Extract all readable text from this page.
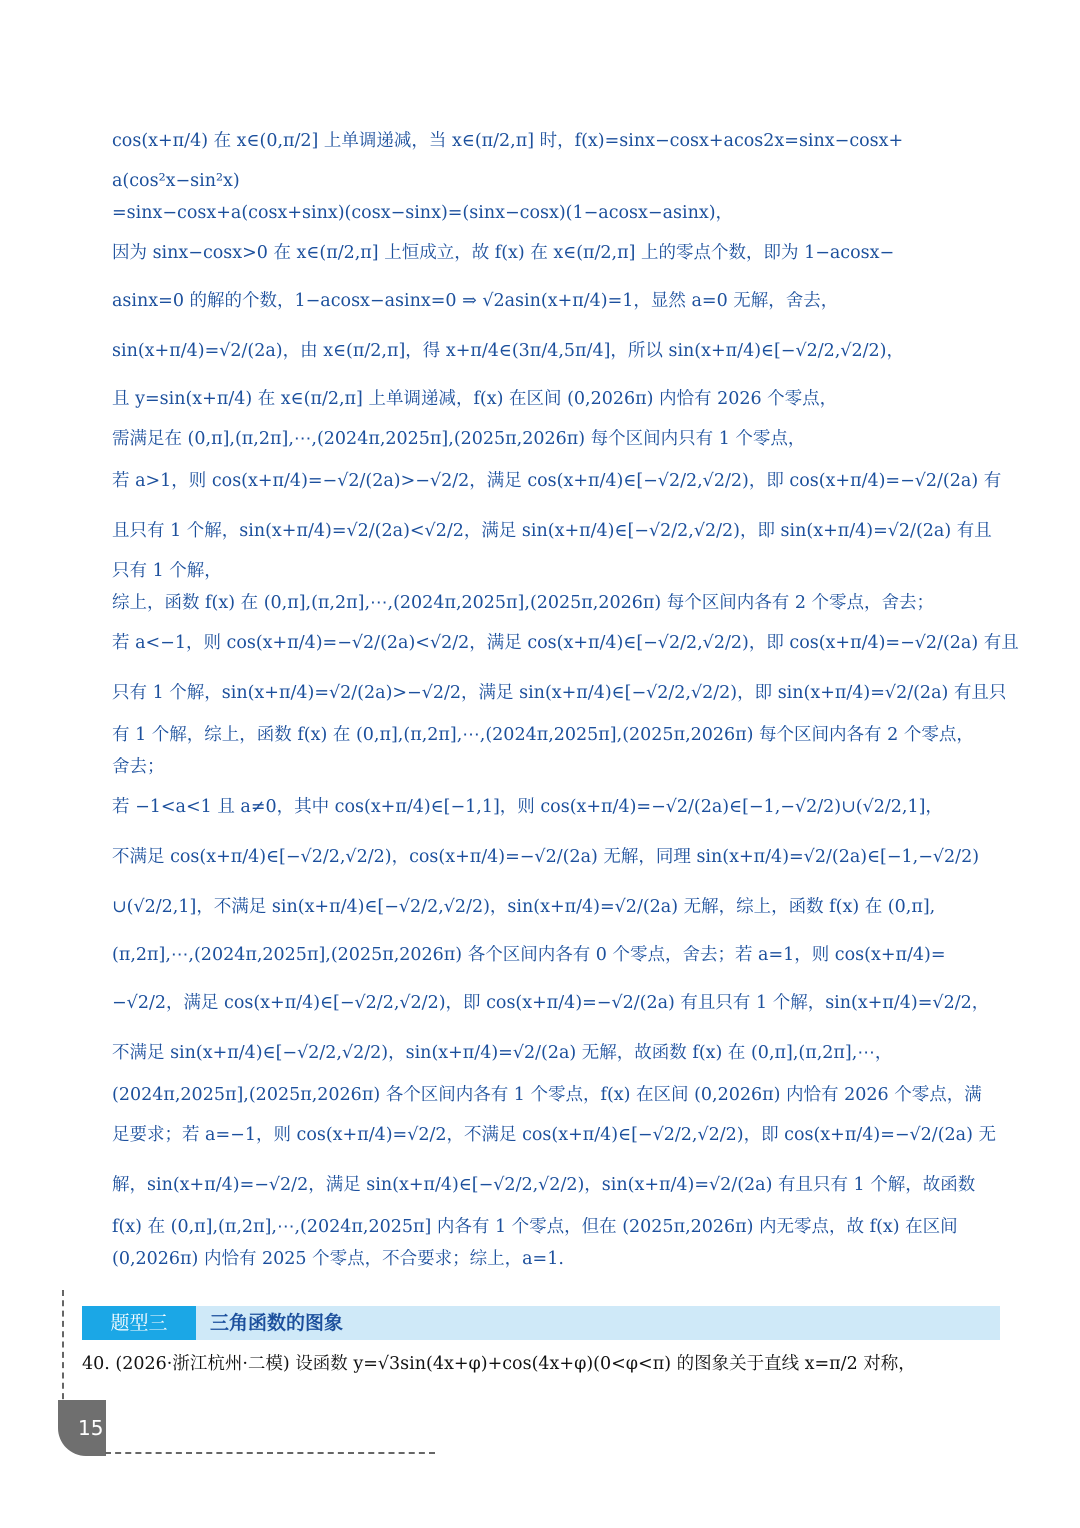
cos(x+π/4) 在 x∈(0,π/2] 上单调递减，当 x∈(π/2,π] 时，f(x)=sinx−cosx+acos2x=sinx−cosx+
a(cos²x−sin²x)
=sinx−cosx+a(cosx+sinx)(cosx−sinx)=(sinx−cosx)(1−acosx−asinx)，
因为 sinx−cosx>0 在 x∈(π/2,π] 上恒成立，故 f(x) 在 x∈(π/2,π] 上的零点个数，即为 1−acosx−
asinx=0 的解的个数，1−acosx−asinx=0 ⇒ √2asin(x+π/4)=1，显然 a=0 无解，舍去，
sin(x+π/4)=√2/(2a)，由 x∈(π/2,π]，得 x+π/4∈(3π/4,5π/4]，所以 sin(x+π/4)∈[−√2/2,√2/2)，
且 y=sin(x+π/4) 在 x∈(π/2,π] 上单调递减，f(x) 在区间 (0,2026π) 内恰有 2026 个零点，
需满足在 (0,π],(π,2π],⋯,(2024π,2025π],(2025π,2026π) 每个区间内只有 1 个零点，
若 a>1，则 cos(x+π/4)=−√2/(2a)>−√2/2，满足 cos(x+π/4)∈[−√2/2,√2/2)，即 cos(x+π/4)=−√2/(2a) 有
且只有 1 个解，sin(x+π/4)=√2/(2a)<√2/2，满足 sin(x+π/4)∈[−√2/2,√2/2)，即 sin(x+π/4)=√2/(2a) 有且
只有 1 个解，
综上，函数 f(x) 在 (0,π],(π,2π],⋯,(2024π,2025π],(2025π,2026π) 每个区间内各有 2 个零点，舍去；
若 a<−1，则 cos(x+π/4)=−√2/(2a)<√2/2，满足 cos(x+π/4)∈[−√2/2,√2/2)，即 cos(x+π/4)=−√2/(2a) 有且
只有 1 个解，sin(x+π/4)=√2/(2a)>−√2/2，满足 sin(x+π/4)∈[−√2/2,√2/2)，即 sin(x+π/4)=√2/(2a) 有且只
有 1 个解，综上，函数 f(x) 在 (0,π],(π,2π],⋯,(2024π,2025π],(2025π,2026π) 每个区间内各有 2 个零点，
舍去；
若 −1<a<1 且 a≠0，其中 cos(x+π/4)∈[−1,1]，则 cos(x+π/4)=−√2/(2a)∈[−1,−√2/2)∪(√2/2,1]，
不满足 cos(x+π/4)∈[−√2/2,√2/2)，cos(x+π/4)=−√2/(2a) 无解，同理 sin(x+π/4)=√2/(2a)∈[−1,−√2/2)
∪(√2/2,1]，不满足 sin(x+π/4)∈[−√2/2,√2/2)，sin(x+π/4)=√2/(2a) 无解，综上，函数 f(x) 在 (0,π],
(π,2π],⋯,(2024π,2025π],(2025π,2026π) 各个区间内各有 0 个零点，舍去；若 a=1，则 cos(x+π/4)=
−√2/2，满足 cos(x+π/4)∈[−√2/2,√2/2)，即 cos(x+π/4)=−√2/(2a) 有且只有 1 个解，sin(x+π/4)=√2/2，
不满足 sin(x+π/4)∈[−√2/2,√2/2)，sin(x+π/4)=√2/(2a) 无解，故函数 f(x) 在 (0,π],(π,2π],⋯，
(2024π,2025π],(2025π,2026π) 各个区间内各有 1 个零点，f(x) 在区间 (0,2026π) 内恰有 2026 个零点，满
足要求；若 a=−1，则 cos(x+π/4)=√2/2，不满足 cos(x+π/4)∈[−√2/2,√2/2)，即 cos(x+π/4)=−√2/(2a) 无
解，sin(x+π/4)=−√2/2，满足 sin(x+π/4)∈[−√2/2,√2/2)，sin(x+π/4)=√2/(2a) 有且只有 1 个解，故函数
f(x) 在 (0,π],(π,2π],⋯,(2024π,2025π] 内各有 1 个零点，但在 (2025π,2026π) 内无零点，故 f(x) 在区间
(0,2026π) 内恰有 2025 个零点，不合要求；综上，a=1.
题型三	三角函数的图象
40. (2026·浙江杭州·二模) 设函数 y=√3sin(4x+φ)+cos(4x+φ)(0<φ<π) 的图象关于直线 x=π/2 对称，
15
